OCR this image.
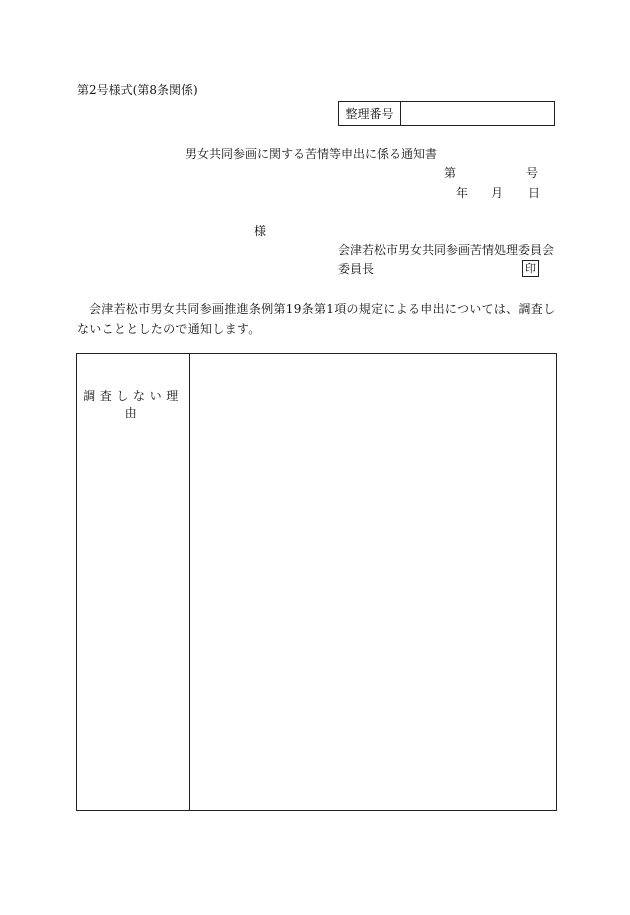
第2号様式(第8条関係)
整理番号
男女共同参画に関する苦情等申出に係る通知書
第	号
年 月 日
様
会津若松市男女共同参画苦情処理委員会
委員長	印
会津若松市男女共同参画推進条例第19条第1項の規定による申出については、調査しないこととしたので通知します。
調査しない理由
